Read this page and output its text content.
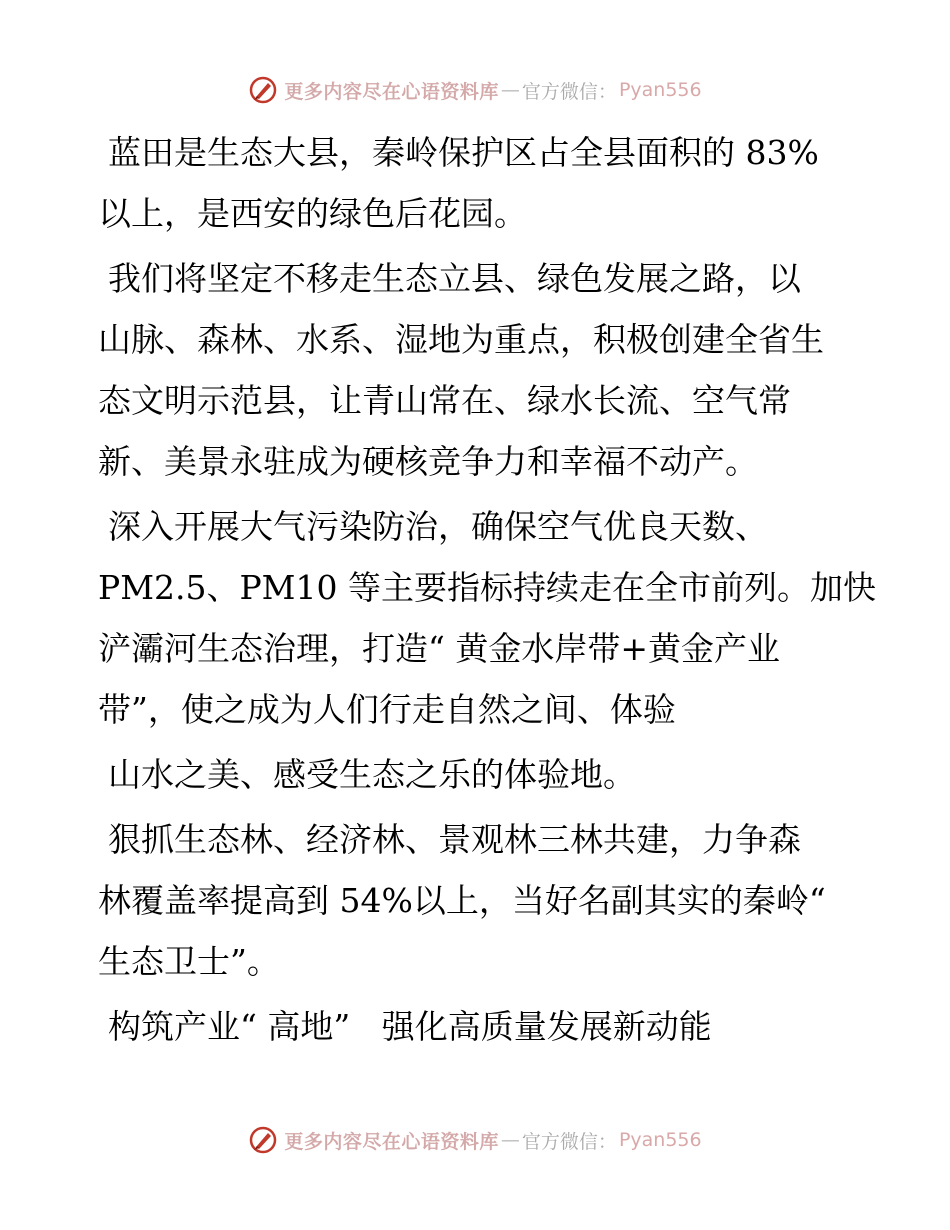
更多内容尽在心语资料库 — 官方微信： Pyan556
蓝田是生态大县，秦岭保护区占全县面积的 83%
以上，是西安的绿色后花园。
我们将坚定不移走生态立县、绿色发展之路，以
山脉、森林、水系、湿地为重点，积极创建全省生
态文明示范县，让青山常在、绿水长流、空气常
新、美景永驻成为硬核竞争力和幸福不动产。
深入开展大气污染防治，确保空气优良天数、
PM2.5、PM10 等主要指标持续走在全市前列。加快
浐灞河生态治理，打造“ 黄金水岸带+黄金产业
带”，使之成为人们行走自然之间、体验
山水之美、感受生态之乐的体验地。
狠抓生态林、经济林、景观林三林共建，力争森
林覆盖率提高到 54%以上，当好名副其实的秦岭“
生态卫士”。
构筑产业“ 高地”   强化高质量发展新动能
更多内容尽在心语资料库 — 官方微信： Pyan556
